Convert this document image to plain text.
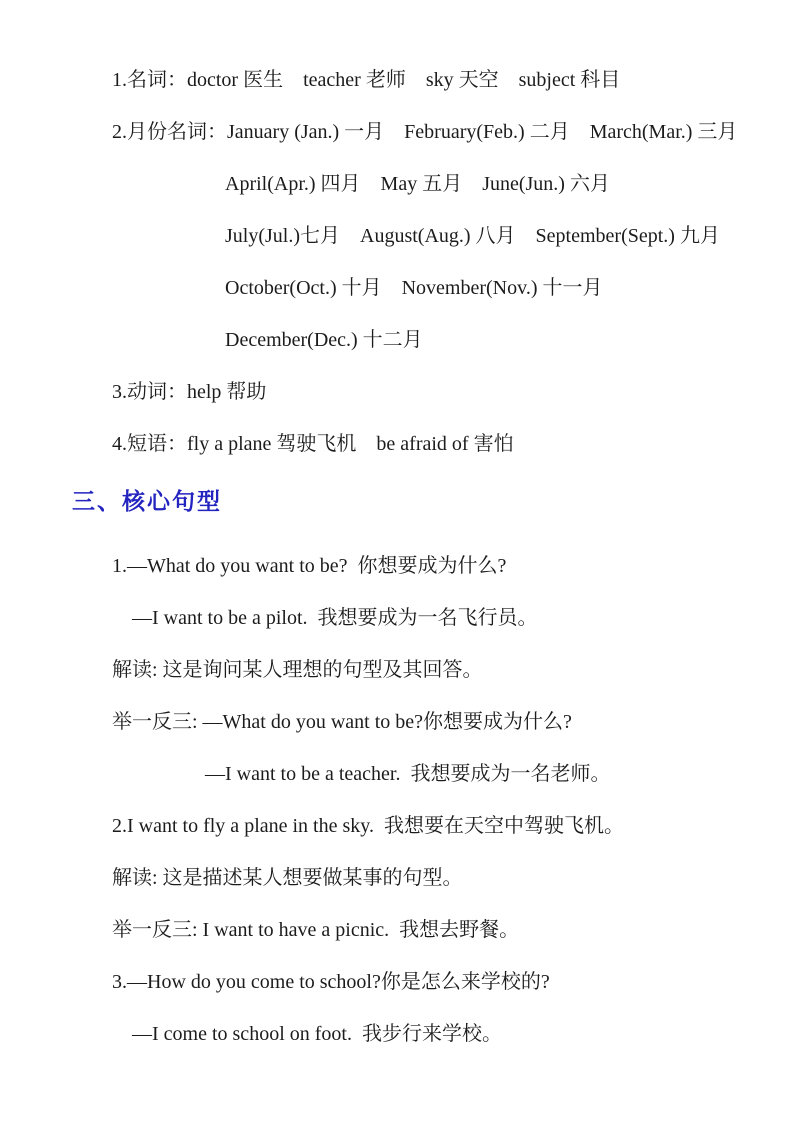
1.名词：doctor 医生    teacher 老师    sky 天空    subject 科目
2.月份名词：January (Jan.) 一月    February(Feb.) 二月    March(Mar.) 三月
April(Apr.) 四月    May 五月    June(Jun.) 六月
July(Jul.)七月    August(Aug.) 八月    September(Sept.) 九月
October(Oct.) 十月    November(Nov.) 十一月
December(Dec.) 十二月
3.动词：help 帮助
4.短语：fly a plane 驾驶飞机    be afraid of 害怕
三、核心句型
1.—What do you want to be?  你想要成为什么?
—I want to be a pilot.  我想要成为一名飞行员。
解读: 这是询问某人理想的句型及其回答。
举一反三: —What do you want to be?你想要成为什么?
—I want to be a teacher.  我想要成为一名老师。
2.I want to fly a plane in the sky.  我想要在天空中驾驶飞机。
解读: 这是描述某人想要做某事的句型。
举一反三: I want to have a picnic.  我想去野餐。
3.—How do you come to school?你是怎么来学校的?
—I come to school on foot.  我步行来学校。
